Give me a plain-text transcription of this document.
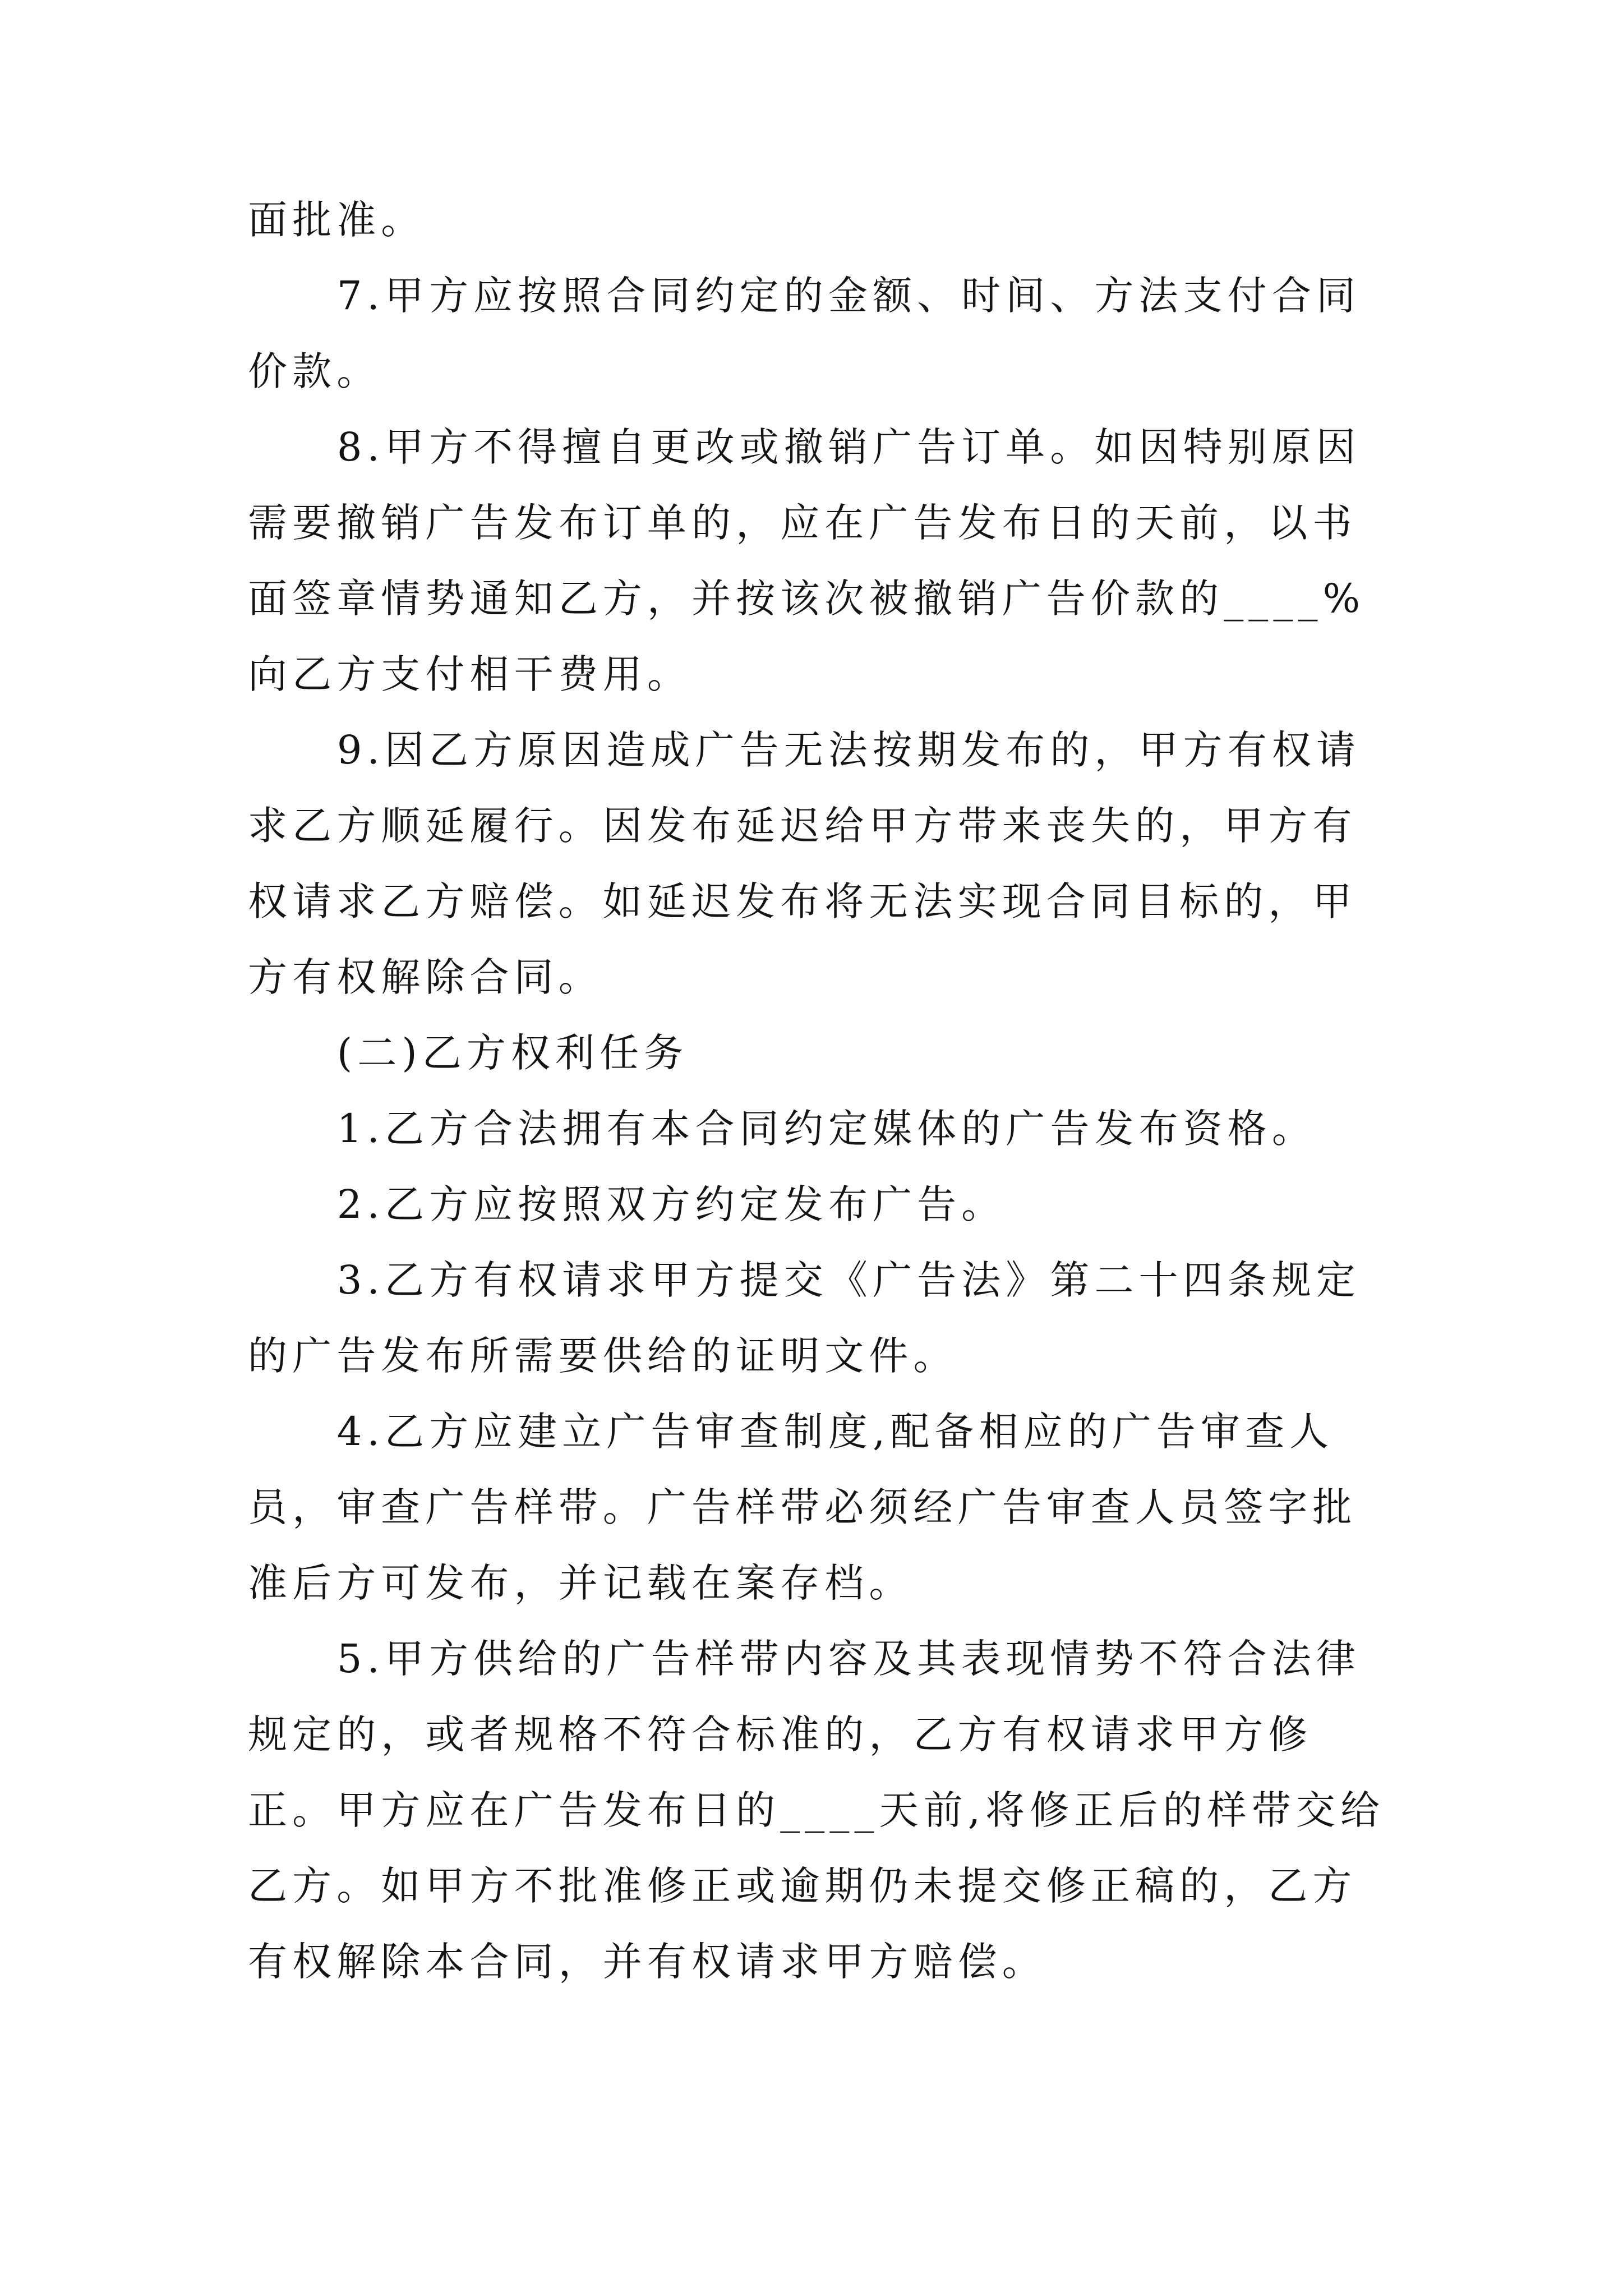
面批准。

7.甲方应按照合同约定的金额、时间、方法支付合同价款。

8.甲方不得擅自更改或撤销广告订单。如因特别原因需要撤销广告发布订单的，应在广告发布日的天前，以书面签章情势通知乙方，并按该次被撤销广告价款的____%向乙方支付相干费用。

9.因乙方原因造成广告无法按期发布的，甲方有权请求乙方顺延履行。因发布延迟给甲方带来丧失的，甲方有权请求乙方赔偿。如延迟发布将无法实现合同目标的，甲方有权解除合同。

(二)乙方权利任务

1.乙方合法拥有本合同约定媒体的广告发布资格。

2.乙方应按照双方约定发布广告。

3.乙方有权请求甲方提交《广告法》第二十四条规定的广告发布所需要供给的证明文件。

4.乙方应建立广告审查制度,配备相应的广告审查人员，审查广告样带。广告样带必须经广告审查人员签字批准后方可发布，并记载在案存档。

5.甲方供给的广告样带内容及其表现情势不符合法律规定的，或者规格不符合标准的，乙方有权请求甲方修正。甲方应在广告发布日的____天前,将修正后的样带交给乙方。如甲方不批准修正或逾期仍未提交修正稿的，乙方有权解除本合同，并有权请求甲方赔偿。
